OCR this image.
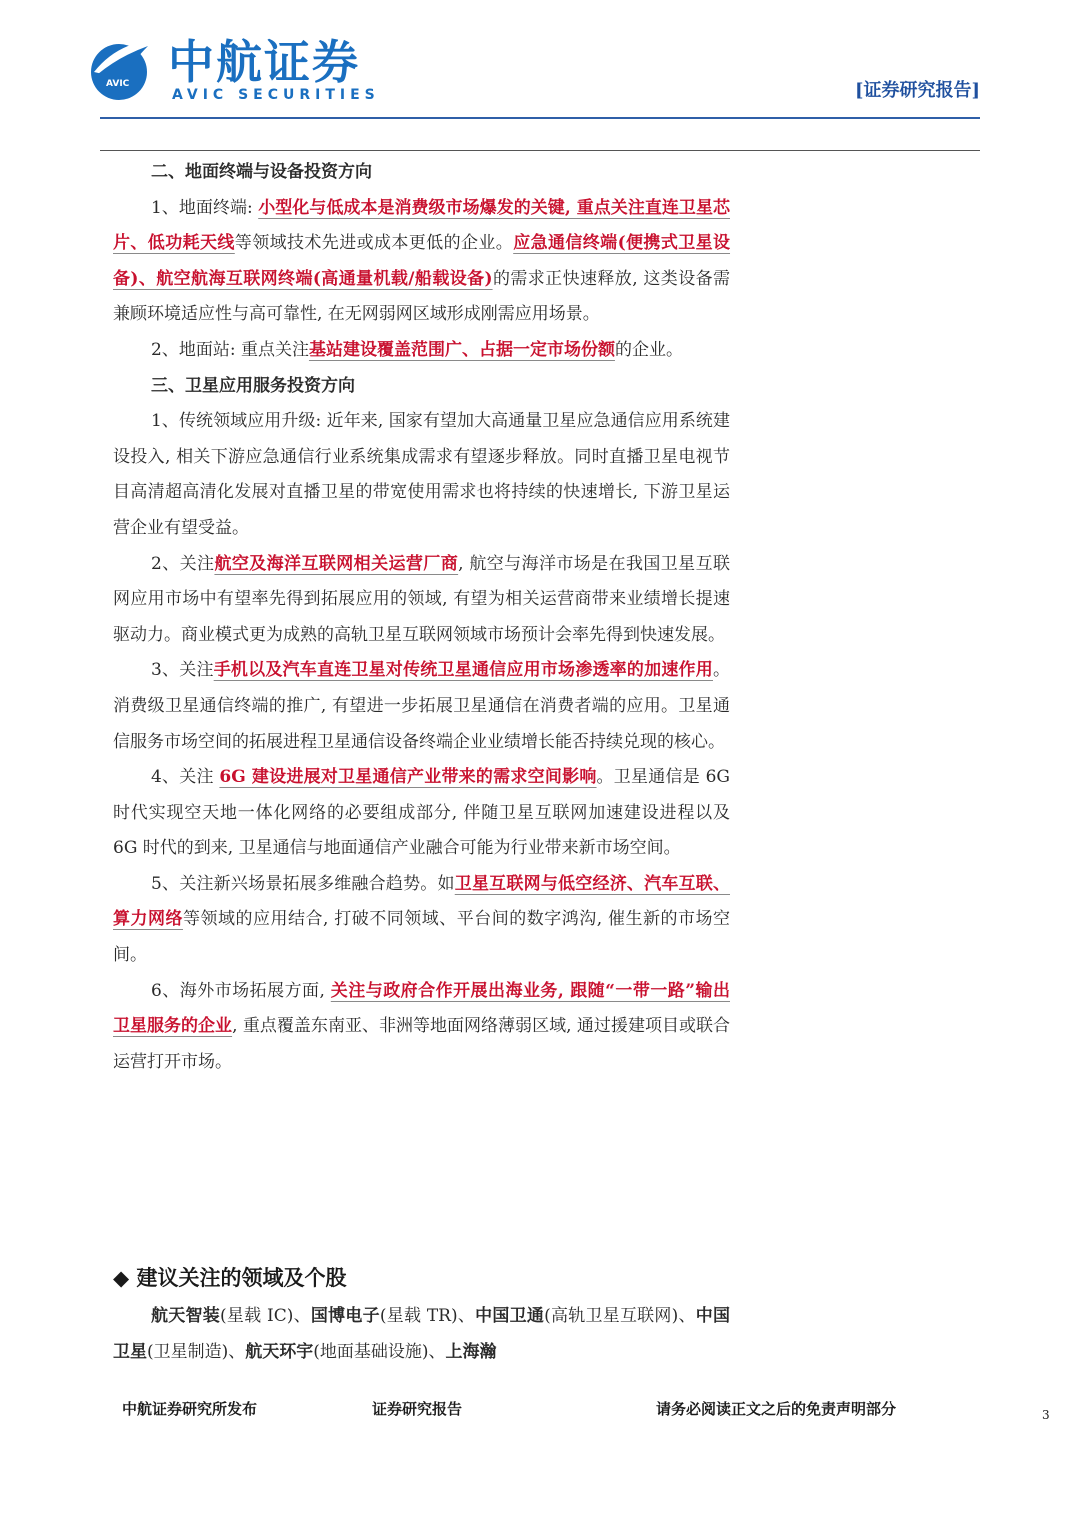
AVIC 中航证券
AVIC SECURITIES	[证券研究报告]
二、地面终端与设备投资方向

1、地面终端: 小型化与低成本是消费级市场爆发的关键, 重点关注直连卫星芯片、低功耗天线等领域技术先进或成本更低的企业。应急通信终端(便携式卫星设备)、航空航海互联网终端(高通量机载/船载设备)的需求正快速释放, 这类设备需兼顾环境适应性与高可靠性, 在无网弱网区域形成刚需应用场景。

2、地面站: 重点关注基站建设覆盖范围广、占据一定市场份额的企业。

三、卫星应用服务投资方向

1、传统领域应用升级: 近年来, 国家有望加大高通量卫星应急通信应用系统建设投入, 相关下游应急通信行业系统集成需求有望逐步释放。同时直播卫星电视节目高清超高清化发展对直播卫星的带宽使用需求也将持续的快速增长, 下游卫星运营企业有望受益。

2、关注航空及海洋互联网相关运营厂商, 航空与海洋市场是在我国卫星互联网应用市场中有望率先得到拓展应用的领域, 有望为相关运营商带来业绩增长提速驱动力。商业模式更为成熟的高轨卫星互联网领域市场预计会率先得到快速发展。

3、关注手机以及汽车直连卫星对传统卫星通信应用市场渗透率的加速作用。消费级卫星通信终端的推广, 有望进一步拓展卫星通信在消费者端的应用。卫星通信服务市场空间的拓展进程卫星通信设备终端企业业绩增长能否持续兑现的核心。

4、关注 6G 建设进展对卫星通信产业带来的需求空间影响。卫星通信是 6G 时代实现空天地一体化网络的必要组成部分, 伴随卫星互联网加速建设进程以及 6G 时代的到来, 卫星通信与地面通信产业融合可能为行业带来新市场空间。

5、关注新兴场景拓展多维融合趋势。如卫星互联网与低空经济、汽车互联、算力网络等领域的应用结合, 打破不同领域、平台间的数字鸿沟, 催生新的市场空间。

6、海外市场拓展方面, 关注与政府合作开展出海业务, 跟随“一带一路”输出卫星服务的企业, 重点覆盖东南亚、非洲等地面网络薄弱区域, 通过援建项目或联合运营打开市场。

◆ 建议关注的领域及个股

航天智装(星载 IC)、国博电子(星载 TR)、中国卫通(高轨卫星互联网)、中国卫星(卫星制造)、航天环宇(地面基础设施)、上海瀚

中航证券研究所发布	证券研究报告	请务必阅读正文之后的免责声明部分	3
